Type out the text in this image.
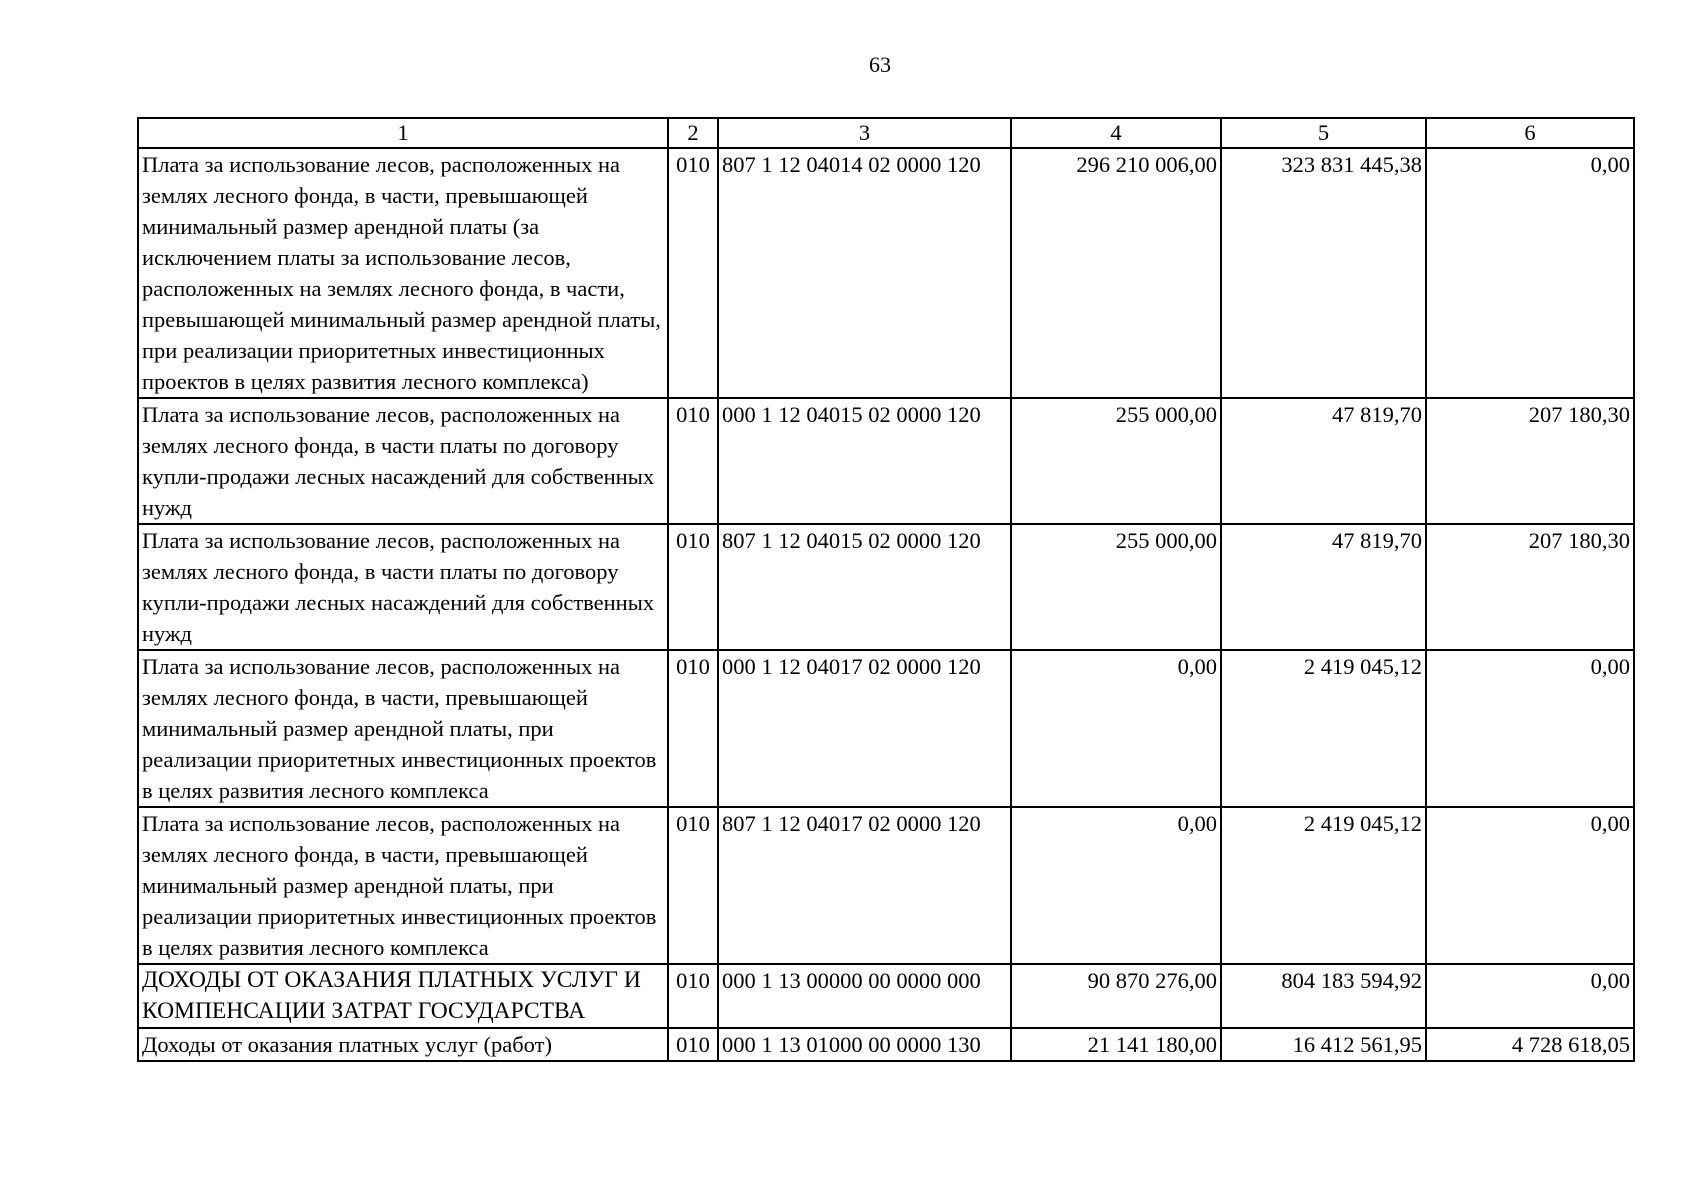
63
1	2	3	4	5	6
Плата за использование лесов, расположенных на землях лесного фонда, в части, превышающей минимальный размер арендной платы (за исключением платы за использование лесов, расположенных на землях лесного фонда, в части, превышающей минимальный размер арендной платы, при реализации приоритетных инвестиционных проектов в целях развития лесного комплекса)	010	807 1 12 04014 02 0000 120	296 210 006,00	323 831 445,38	0,00
Плата за использование лесов, расположенных на землях лесного фонда, в части платы по договору купли-продажи лесных насаждений для собственных нужд	010	000 1 12 04015 02 0000 120	255 000,00	47 819,70	207 180,30
Плата за использование лесов, расположенных на землях лесного фонда, в части платы по договору купли-продажи лесных насаждений для собственных нужд	010	807 1 12 04015 02 0000 120	255 000,00	47 819,70	207 180,30
Плата за использование лесов, расположенных на землях лесного фонда, в части, превышающей минимальный размер арендной платы, при реализации приоритетных инвестиционных проектов в целях развития лесного комплекса	010	000 1 12 04017 02 0000 120	0,00	2 419 045,12	0,00
Плата за использование лесов, расположенных на землях лесного фонда, в части, превышающей минимальный размер арендной платы, при реализации приоритетных инвестиционных проектов в целях развития лесного комплекса	010	807 1 12 04017 02 0000 120	0,00	2 419 045,12	0,00
ДОХОДЫ ОТ ОКАЗАНИЯ ПЛАТНЫХ УСЛУГ И КОМПЕНСАЦИИ ЗАТРАТ ГОСУДАРСТВА	010	000 1 13 00000 00 0000 000	90 870 276,00	804 183 594,92	0,00
Доходы от оказания платных услуг (работ)	010	000 1 13 01000 00 0000 130	21 141 180,00	16 412 561,95	4 728 618,05
